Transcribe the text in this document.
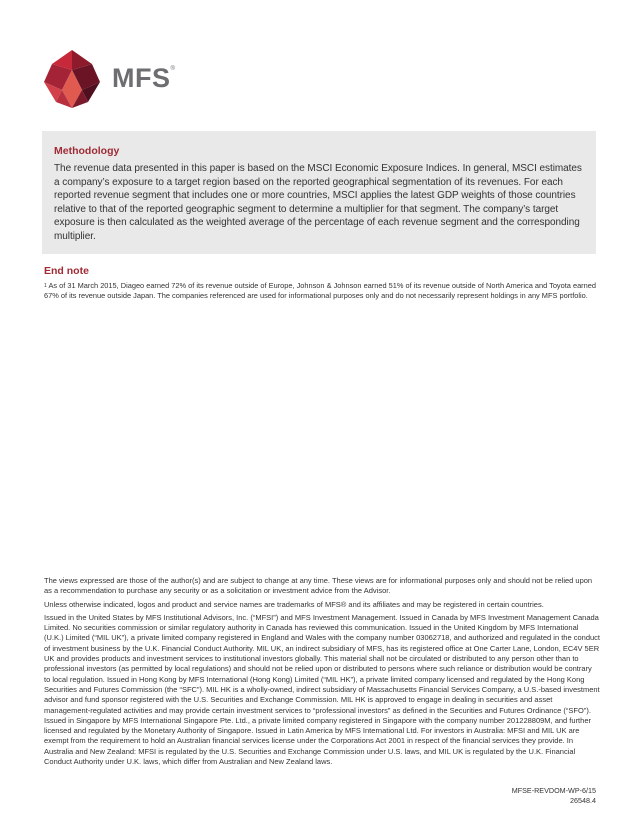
MFS®
Methodology
The revenue data presented in this paper is based on the MSCI Economic Exposure Indices. In general, MSCI estimates a company’s exposure to a target region based on the reported geographical segmentation of its revenues. For each reported revenue segment that includes one or more countries, MSCI applies the latest GDP weights of those countries relative to that of the reported geographic segment to determine a multiplier for that segment. The company’s target exposure is then calculated as the weighted average of the percentage of each revenue segment and the corresponding multiplier.
End note
$^1$ As of 31 March 2015, Diageo earned 72% of its revenue outside of Europe, Johnson & Johnson earned 51% of its revenue outside of North America and Toyota earned 67% of its revenue outside Japan. The companies referenced are used for informational purposes only and do not necessarily represent holdings in any MFS portfolio.

The views expressed are those of the author(s) and are subject to change at any time. These views are for informational purposes only and should not be relied upon as a recommendation to purchase any security or as a solicitation or investment advice from the Advisor.

Unless otherwise indicated, logos and product and service names are trademarks of MFS® and its affiliates and may be registered in certain countries.

Issued in the United States by MFS Institutional Advisors, Inc. (“MFSI”) and MFS Investment Management. Issued in Canada by MFS Investment Management Canada Limited. No securities commission or similar regulatory authority in Canada has reviewed this communication. Issued in the United Kingdom by MFS International (U.K.) Limited (“MIL UK”), a private limited company registered in England and Wales with the company number 03062718, and authorized and regulated in the conduct of investment business by the U.K. Financial Conduct Authority. MIL UK, an indirect subsidiary of MFS, has its registered office at One Carter Lane, London, EC4V 5ER UK and provides products and investment services to institutional investors globally. This material shall not be circulated or distributed to any person other than to professional investors (as permitted by local regulations) and should not be relied upon or distributed to persons where such reliance or distribution would be contrary to local regulation. Issued in Hong Kong by MFS International (Hong Kong) Limited (“MIL HK”), a private limited company licensed and regulated by the Hong Kong Securities and Futures Commission (the “SFC”). MIL HK is a wholly-owned, indirect subsidiary of Massachusetts Financial Services Company, a U.S.-based investment advisor and fund sponsor registered with the U.S. Securities and Exchange Commission. MIL HK is approved to engage in dealing in securities and asset management-regulated activities and may provide certain investment services to “professional investors” as defined in the Securities and Futures Ordinance (“SFO”). Issued in Singapore by MFS International Singapore Pte. Ltd., a private limited company registered in Singapore with the company number 201228809M, and further licensed and regulated by the Monetary Authority of Singapore. Issued in Latin America by MFS International Ltd. For investors in Australia: MFSI and MIL UK are exempt from the requirement to hold an Australian financial services license under the Corporations Act 2001 in respect of the financial services they provide. In Australia and New Zealand: MFSI is regulated by the U.S. Securities and Exchange Commission under U.S. laws, and MIL UK is regulated by the U.K. Financial Conduct Authority under U.K. laws, which differ from Australian and New Zealand laws.

MFSE-REVDOM-WP-6/15
26548.4
